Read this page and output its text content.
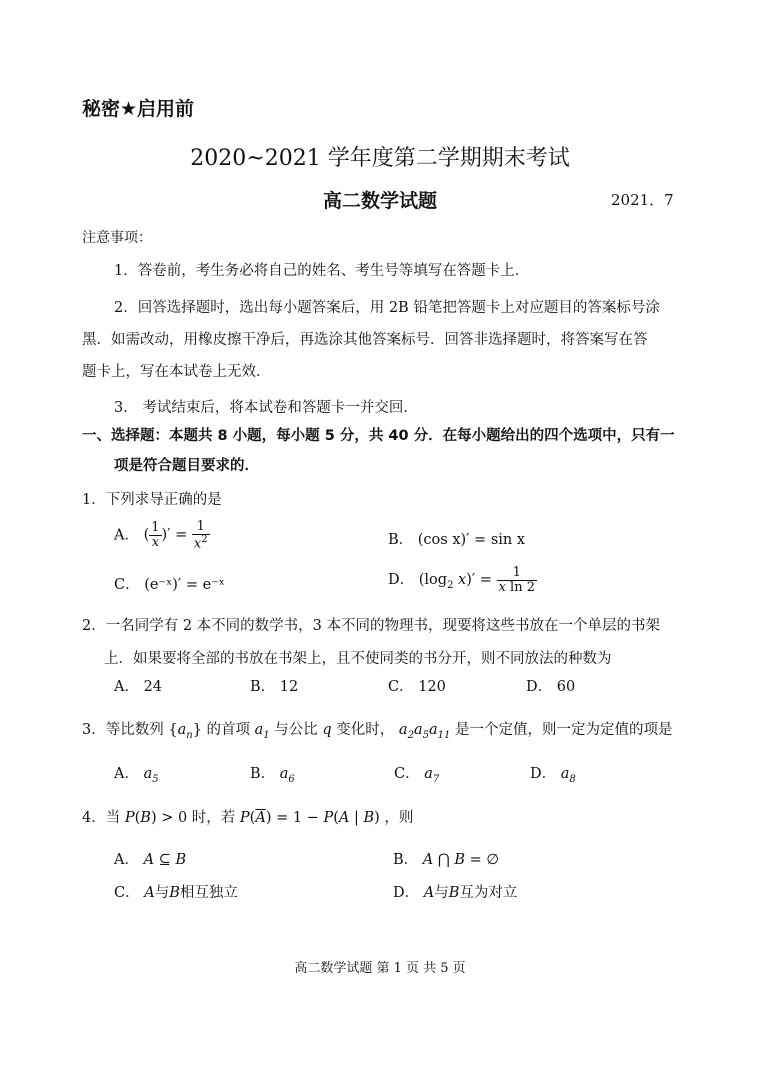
秘密★启用前
2020~2021 学年度第二学期期末考试
高二数学试题	2021．7
注意事项：
1．答卷前，考生务必将自己的姓名、考生号等填写在答题卡上．
2．回答选择题时，选出每小题答案后，用 2B 铅笔把答题卡上对应题目的答案标号涂
黑．如需改动，用橡皮擦干净后，再选涂其他答案标号．回答非选择题时，将答案写在答
题卡上，写在本试卷上无效．
3． 考试结束后，将本试卷和答题卡一并交回．
一、选择题：本题共 8 小题，每小题 5 分，共 40 分．在每小题给出的四个选项中，只有一
项是符合题目要求的．
1．下列求导正确的是
A． ( $\frac{1}{x}$ )′ = $\frac{1}{x^2}$	B． (cos x)′ = sin x
C． (e⁻ˣ)′ = e⁻ˣ	D． ($\log_2$ $x)' = \frac{1}{\text{x ln 2}}$
2．一名同学有 2 本不同的数学书，3 本不同的物理书，现要将这些书放在一个单层的书架
上．如果要将全部的书放在书架上，且不使同类的书分开，则不同放法的种数为
A． 24	B． 12	C． 120	D． 60
3．等比数列 $\{a_n\}$ 的首项 $a_1$ 与公比 q 变化时， $a_2a_5a_{11}$ 是一个定值，则一定为定值的项是
A． $a_5$	B． $a_6$	C． $a_7$	D． $a_8$
4．当 P(B) > 0 时，若 $P(\overline{A}) = 1 - P(A$ | B) ，则
A． A ⊆ B	B． A ⋂ B = ∅
C． A与B相互独立	D． A与B互为对立
高二数学试题 第 1 页 共 5 页
